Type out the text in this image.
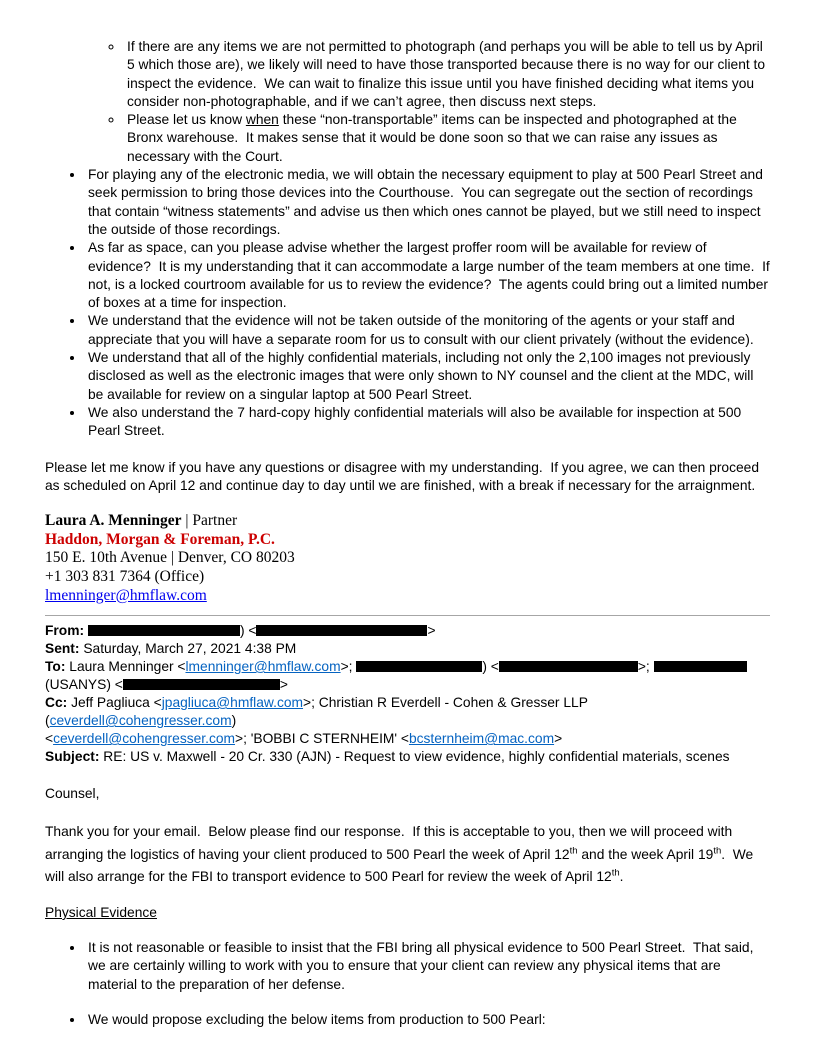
◦ If there are any items we are not permitted to photograph (and perhaps you will be able to tell us by April 5 which those are), we likely will need to have those transported because there is no way for our client to inspect the evidence.  We can wait to finalize this issue until you have finished deciding what items you consider non-photographable, and if we can’t agree, then discuss next steps.
◦ Please let us know when these “non-transportable” items can be inspected and photographed at the Bronx warehouse.  It makes sense that it would be done soon so that we can raise any issues as necessary with the Court.
• For playing any of the electronic media, we will obtain the necessary equipment to play at 500 Pearl Street and seek permission to bring those devices into the Courthouse.  You can segregate out the section of recordings that contain “witness statements” and advise us then which ones cannot be played, but we still need to inspect the outside of those recordings.
• As far as space, can you please advise whether the largest proffer room will be available for review of evidence?  It is my understanding that it can accommodate a large number of the team members at one time.  If not, is a locked courtroom available for us to review the evidence?  The agents could bring out a limited number of boxes at a time for inspection.
• We understand that the evidence will not be taken outside of the monitoring of the agents or your staff and appreciate that you will have a separate room for us to consult with our client privately (without the evidence).
• We understand that all of the highly confidential materials, including not only the 2,100 images not previously disclosed as well as the electronic images that were only shown to NY counsel and the client at the MDC, will be available for review on a singular laptop at 500 Pearl Street.
• We also understand the 7 hard-copy highly confidential materials will also be available for inspection at 500 Pearl Street.

Please let me know if you have any questions or disagree with my understanding.  If you agree, we can then proceed as scheduled on April 12 and continue day to day until we are finished, with a break if necessary for the arraignment.

Laura A. Menninger | Partner

Haddon, Morgan & Foreman, P.C.

150 E. 10th Avenue | Denver, CO 80203

+1 303 831 7364 (Office)

lmenninger@hmflaw.com

From:	) <	>

Sent: Saturday, March 27, 2021 4:38 PM

To: Laura Menninger <lmenninger@hmflaw.com>;	) <	>;
(USANYS) <	>

Cc: Jeff Pagliuca <jpagliuca@hmflaw.com>; Christian R Everdell - Cohen & Gresser LLP (ceverdell@cohengresser.com)
<ceverdell@cohengresser.com>; 'BOBBI C STERNHEIM' <bcsternheim@mac.com>

Subject: RE: US v. Maxwell - 20 Cr. 330 (AJN) - Request to view evidence, highly confidential materials, scenes

Counsel,

Thank you for your email.  Below please find our response.  If this is acceptable to you, then we will proceed with arranging the logistics of having your client produced to 500 Pearl the week of April 12th and the week April 19th.  We will also arrange for the FBI to transport evidence to 500 Pearl for review the week of April 12th.

Physical Evidence

• It is not reasonable or feasible to insist that the FBI bring all physical evidence to 500 Pearl Street.  That said, we are certainly willing to work with you to ensure that your client can review any physical items that are material to the preparation of her defense.
• We would propose excluding the below items from production to 500 Pearl:
